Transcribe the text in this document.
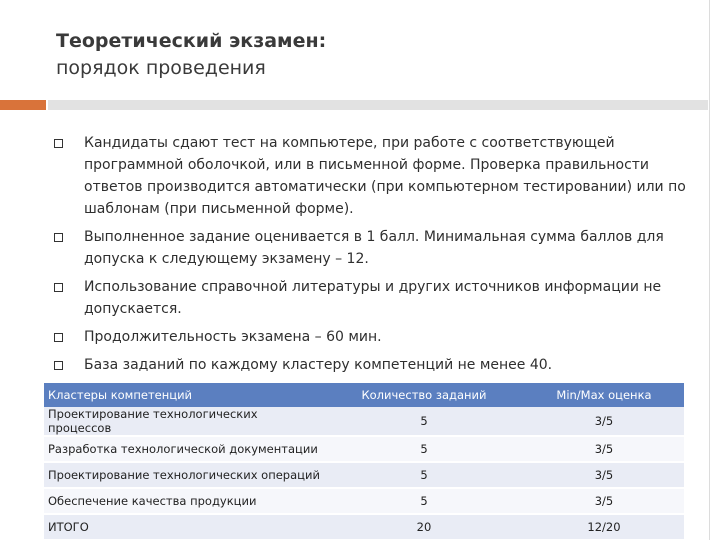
Теоретический экзамен:
порядок проведения
Кандидаты сдают тест на компьютере, при работе с соответствующей программной оболочкой, или в письменной форме. Проверка правильности ответов производится автоматически (при компьютерном тестировании) или по шаблонам (при письменной форме).
Выполненное задание оценивается в 1 балл. Минимальная сумма баллов для допуска к следующему экзамену – 12.
Использование справочной литературы и других источников информации не допускается.
Продолжительность экзамена – 60 мин.
База заданий по каждому кластеру компетенций не менее 40.
Кластеры компетенций	Количество заданий	Min/Max оценка
Проектирование технологических процессов	5	3/5
Разработка технологической документации	5	3/5
Проектирование технологических операций	5	3/5
Обеспечение качества продукции	5	3/5
ИТОГО	20	12/20
